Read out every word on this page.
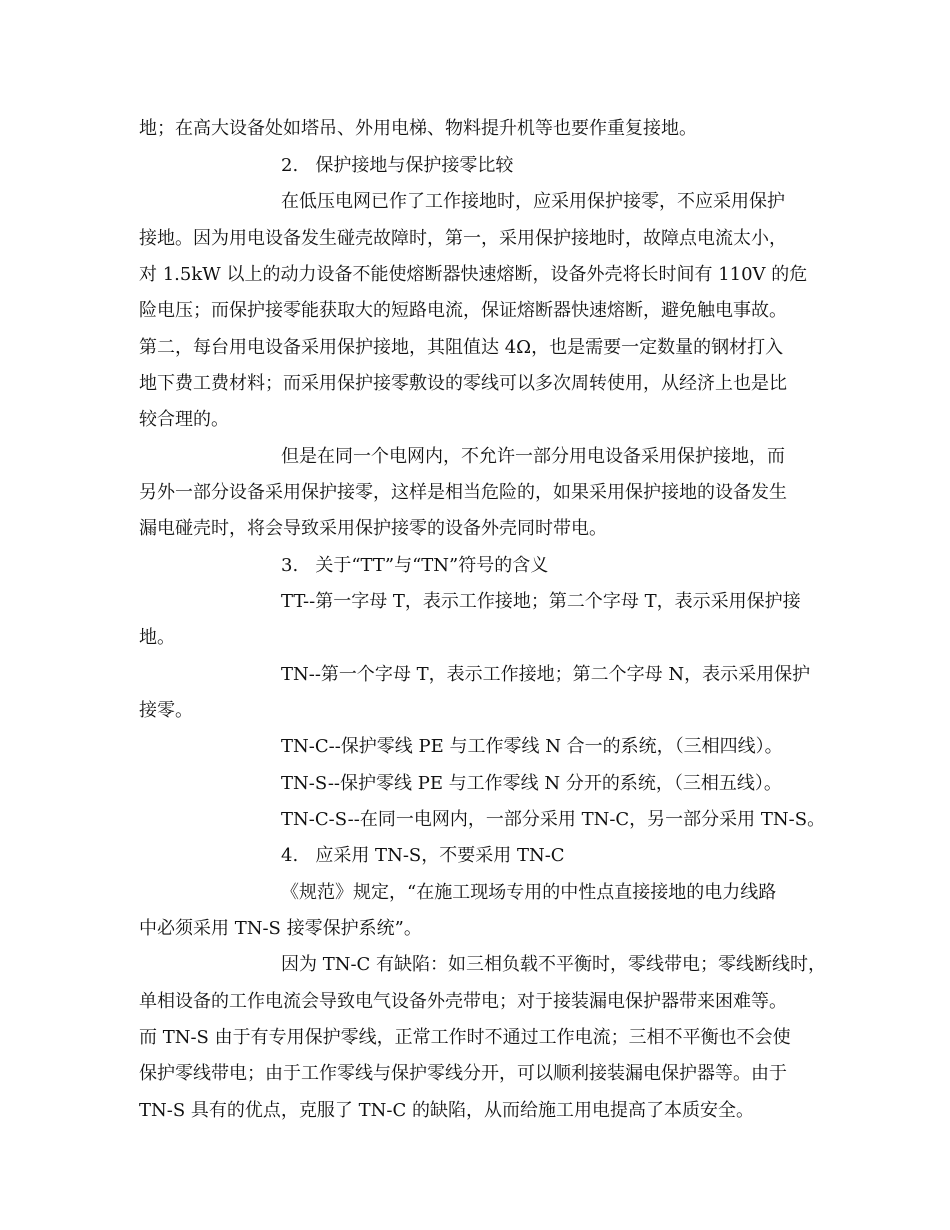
地；在高大设备处如塔吊、外用电梯、物料提升机等也要作重复接地。
2.   保护接地与保护接零比较
在低压电网已作了工作接地时，应采用保护接零，不应采用保护
接地。因为用电设备发生碰壳故障时，第一，采用保护接地时，故障点电流太小，
对 1.5kW 以上的动力设备不能使熔断器快速熔断，设备外壳将长时间有 110V 的危
险电压；而保护接零能获取大的短路电流，保证熔断器快速熔断，避免触电事故。
第二，每台用电设备采用保护接地，其阻值达 4Ω，也是需要一定数量的钢材打入
地下费工费材料；而采用保护接零敷设的零线可以多次周转使用，从经济上也是比
较合理的。
但是在同一个电网内，不允许一部分用电设备采用保护接地，而
另外一部分设备采用保护接零，这样是相当危险的，如果采用保护接地的设备发生
漏电碰壳时，将会导致采用保护接零的设备外壳同时带电。
3.   关于“TT”与“TN”符号的含义
TT--第一字母 T，表示工作接地；第二个字母 T，表示采用保护接
地。
TN--第一个字母 T，表示工作接地；第二个字母 N，表示采用保护
接零。
TN-C--保护零线 PE 与工作零线 N 合一的系统，（三相四线）。
TN-S--保护零线 PE 与工作零线 N 分开的系统，（三相五线）。
TN-C-S--在同一电网内，一部分采用 TN-C，另一部分采用 TN-S。
4.   应采用 TN-S，不要采用 TN-C
《规范》规定，“在施工现场专用的中性点直接接地的电力线路
中必须采用 TN-S 接零保护系统”。
因为 TN-C 有缺陷：如三相负载不平衡时，零线带电；零线断线时，
单相设备的工作电流会导致电气设备外壳带电；对于接装漏电保护器带来困难等。
而 TN-S 由于有专用保护零线，正常工作时不通过工作电流；三相不平衡也不会使
保护零线带电；由于工作零线与保护零线分开，可以顺利接装漏电保护器等。由于
TN-S 具有的优点，克服了 TN-C 的缺陷，从而给施工用电提高了本质安全。
